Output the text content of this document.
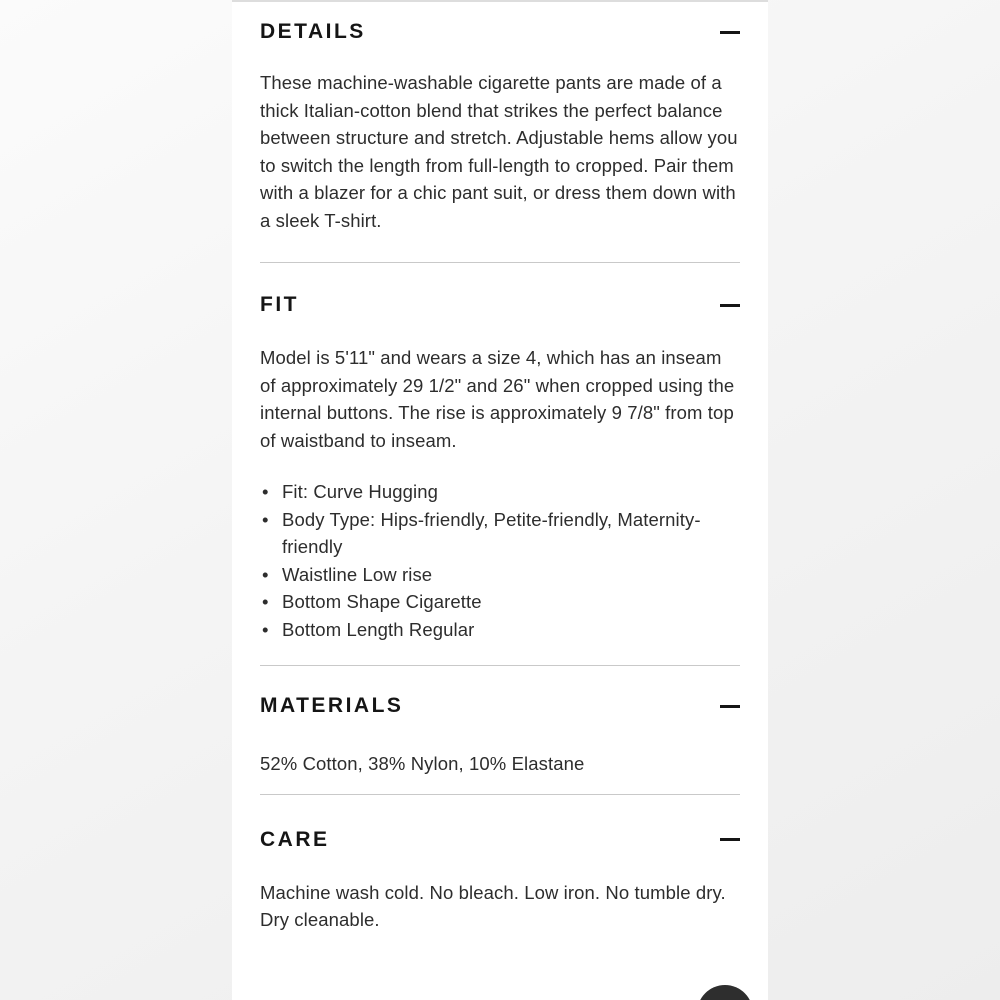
DETAILS

These machine-washable cigarette pants are made of a thick Italian-cotton blend that strikes the perfect balance between structure and stretch. Adjustable hems allow you to switch the length from full-length to cropped. Pair them with a blazer for a chic pant suit, or dress them down with a sleek T-shirt.

FIT

Model is 5'11" and wears a size 4, which has an inseam of approximately 29 1/2" and 26" when cropped using the internal buttons. The rise is approximately 9 7/8" from top of waistband to inseam.

• Fit: Curve Hugging
• Body Type: Hips-friendly, Petite-friendly, Maternity-friendly
• Waistline Low rise
• Bottom Shape Cigarette
• Bottom Length Regular
MATERIALS

52% Cotton, 38% Nylon, 10% Elastane

CARE

Machine wash cold. No bleach. Low iron. No tumble dry. Dry cleanable.
